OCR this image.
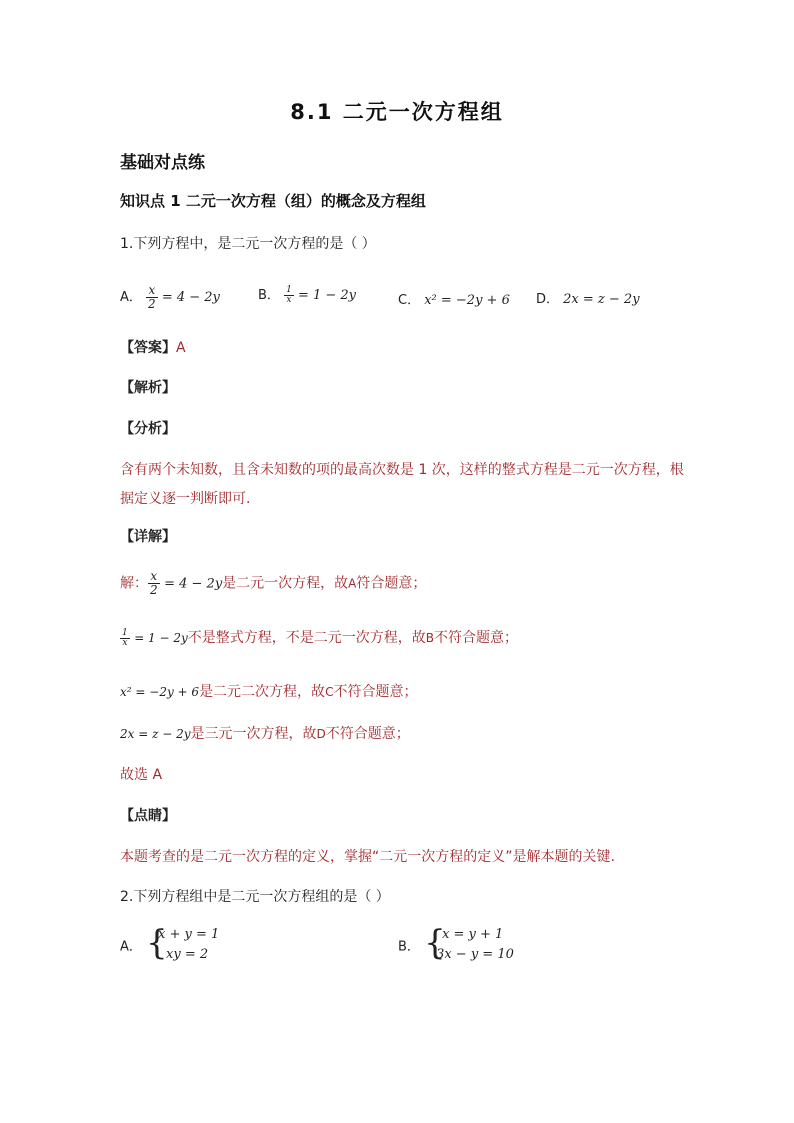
8.1 二元一次方程组
基础对点练
知识点 1 二元一次方程（组）的概念及方程组
1.下列方程中，是二元一次方程的是（ ）
A． $\frac{x}{2} = 4 - 2y$	B． $\frac{1}{x} = 1 - 2y$	C． x² = −2y + 6 D． 2x = z − 2y
【答案】A
【解析】
【分析】
含有两个未知数，且含未知数的项的最高次数是 1 次，这样的整式方程是二元一次方程，根
据定义逐一判断即可.
【详解】
解： $\frac{x}{2} = 4 - 2y$是二元一次方程，故A符合题意；
$\frac{1}{x} = 1 - 2y$不是整式方程，不是二元一次方程，故B不符合题意；
x² = −2y + 6是二元二次方程，故C不符合题意；
2x = z − 2y是三元一次方程，故D不符合题意；
故选 A
【点睛】
本题考查的是二元一次方程的定义，掌握“二元一次方程的定义”是解本题的关键.
2.下列方程组中是二元一次方程组的是（ ）
A． {
x + y = 1
xy = 2	B． {
x = y + 1
3x − y = 10
